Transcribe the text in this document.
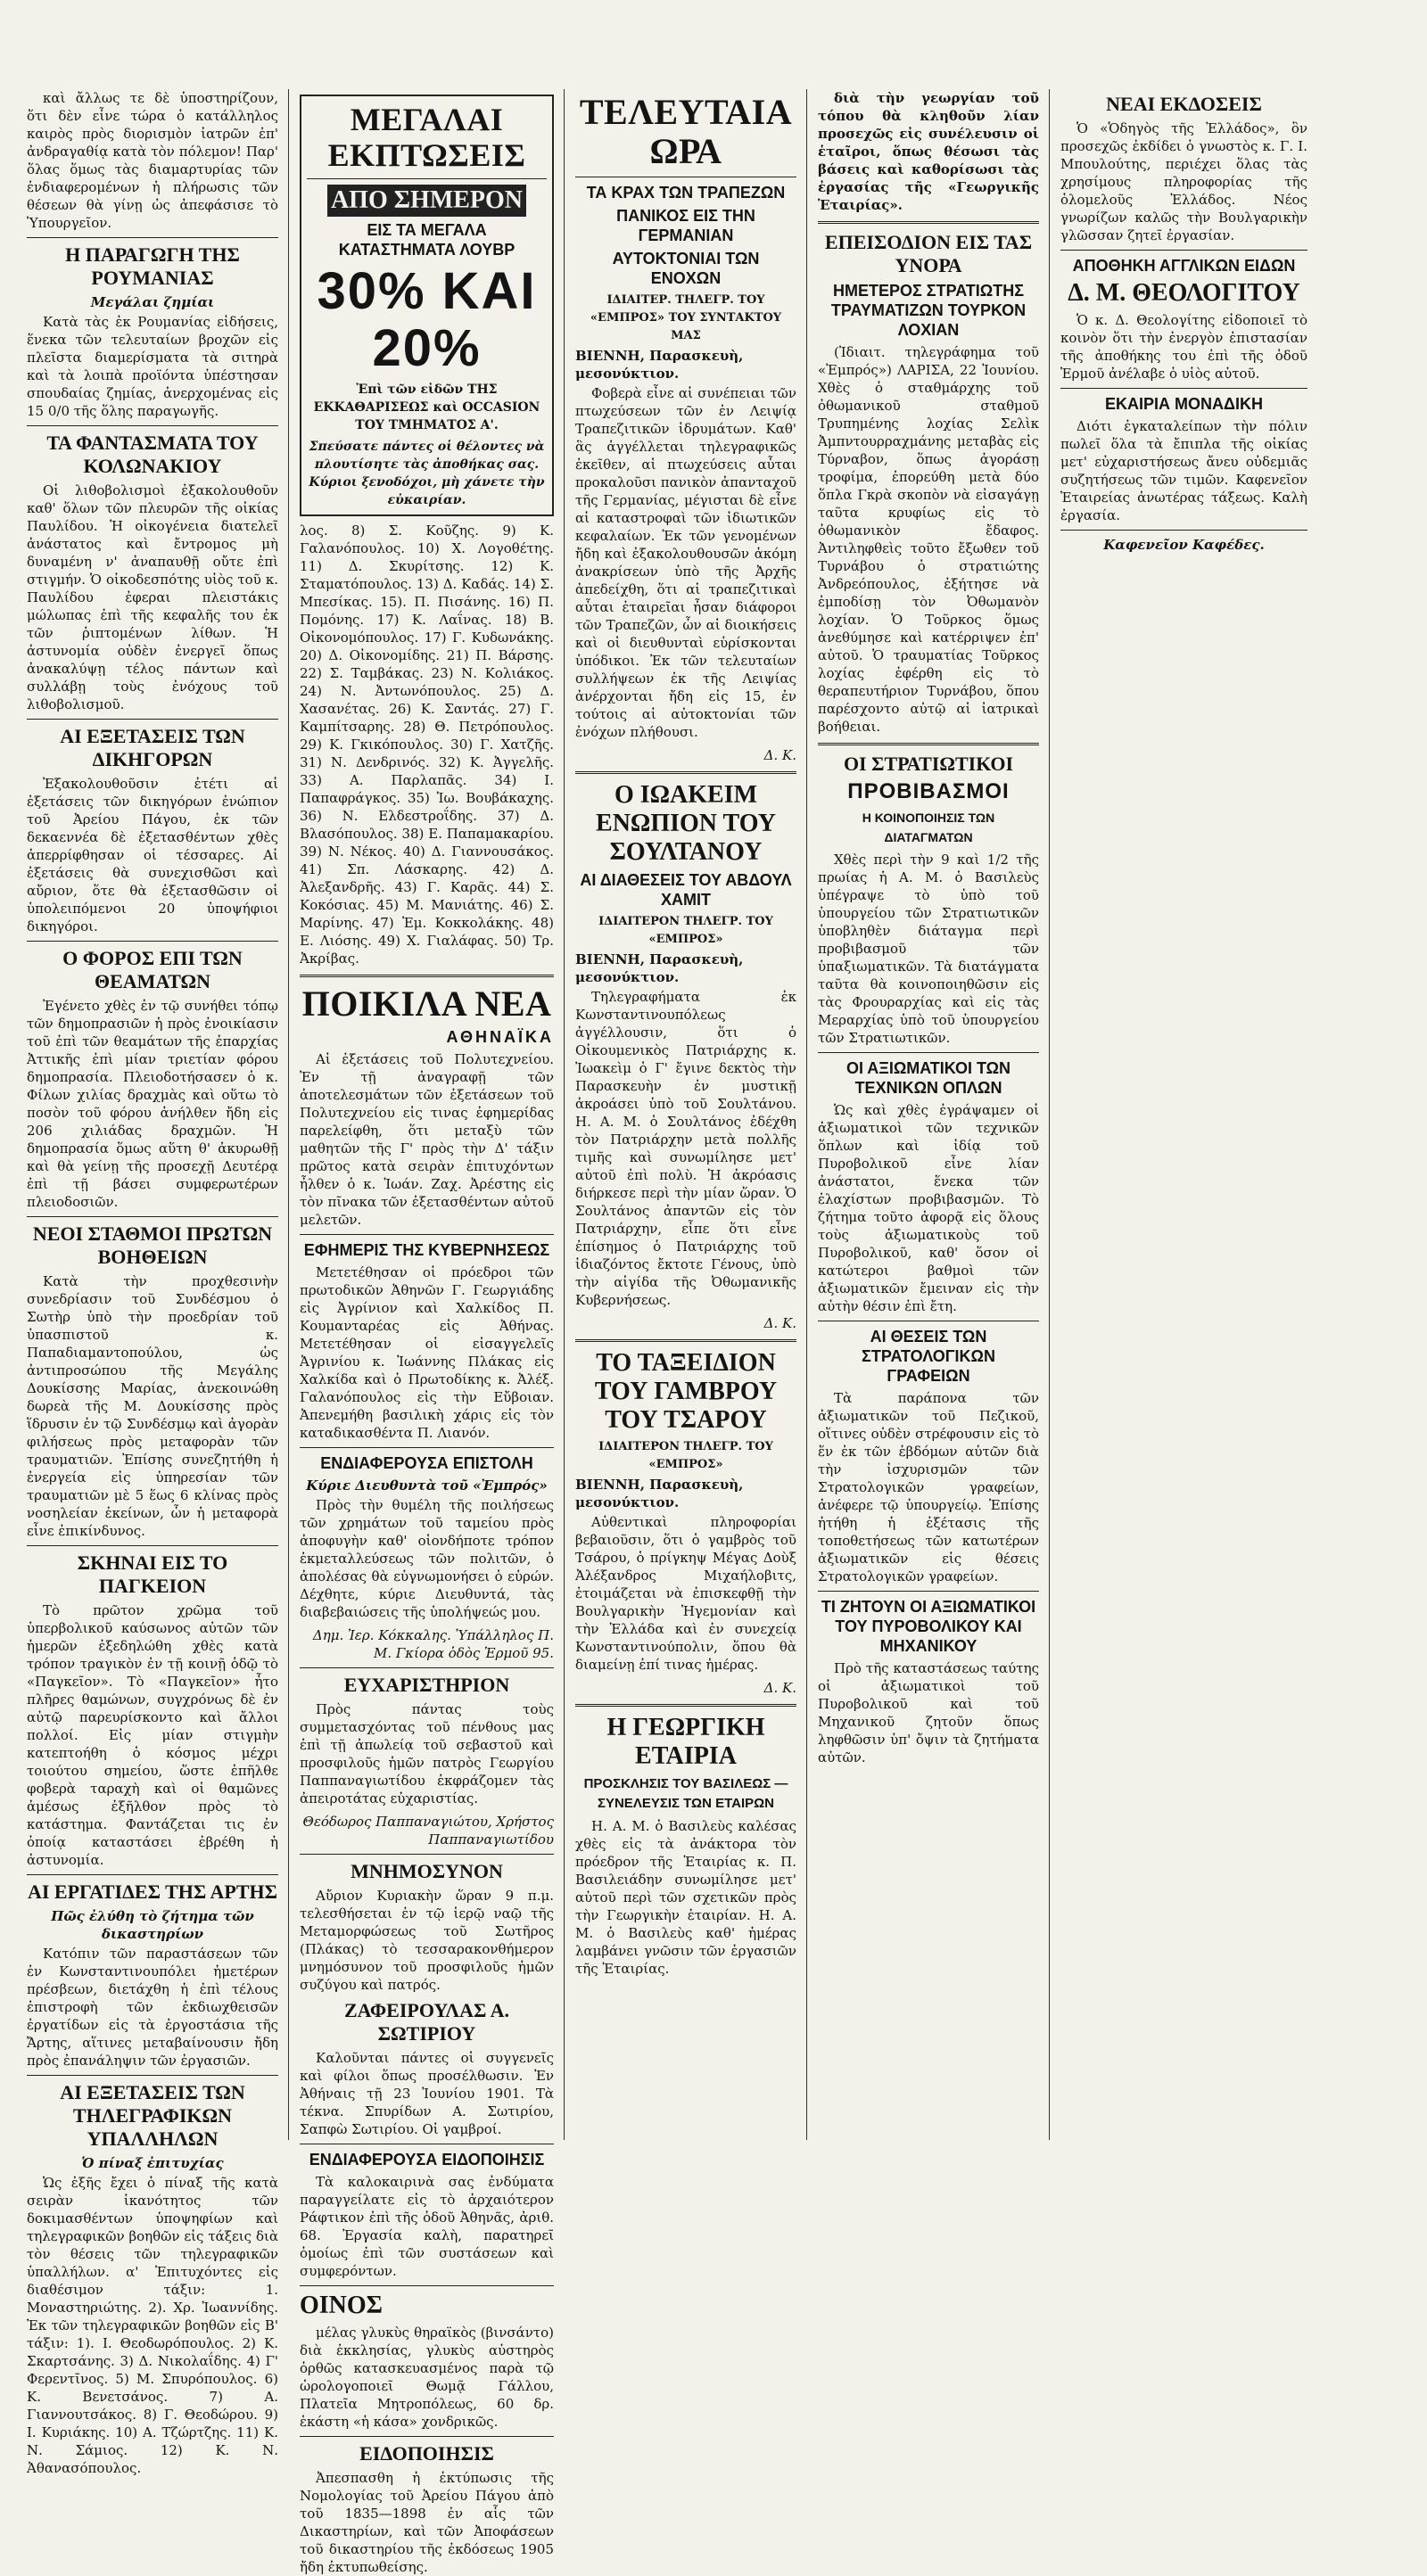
καὶ ἄλλως τε δὲ ὑποστηρίζουν, ὅτι δὲν εἶνε τώρα ὁ κατάλληλος καιρὸς πρὸς διορισμὸν ἰατρῶν ἐπ' ἀνδραγαθίᾳ κατὰ τὸν πόλεμον! Παρ' ὅλας ὅμως τὰς διαμαρτυρίας τῶν ἐνδιαφερομένων ἡ πλήρωσις τῶν θέσεων θὰ γίνῃ ὡς ἀπεφάσισε τὸ Ὑπουργεῖον.

Η ΠΑΡΑΓΩΓΗ ΤΗΣ ΡΟΥΜΑΝΙΑΣ
Μεγάλαι ζημίαι

Κατὰ τὰς ἐκ Ρουμανίας εἰδήσεις, ἕνεκα τῶν τελευταίων βροχῶν εἰς πλεῖστα διαμερίσματα τὰ σιτηρὰ καὶ τὰ λοιπὰ προϊόντα ὑπέστησαν σπουδαίας ζημίας, ἀνερχομένας εἰς 15 0/0 τῆς ὅλης παραγωγῆς.

ΤΑ ΦΑΝΤΑΣΜΑΤΑ ΤΟΥ ΚΟΛΩΝΑΚΙΟΥ

Οἱ λιθοβολισμοὶ ἐξακολουθοῦν καθ' ὅλων τῶν πλευρῶν τῆς οἰκίας Παυλίδου. Ἡ οἰκογένεια διατελεῖ ἀνάστατος καὶ ἔντρομος μὴ δυναμένη ν' ἀναπαυθῇ οὔτε ἐπὶ στιγμήν. Ὁ οἰκοδεσπότης υἱὸς τοῦ κ. Παυλίδου ἐφεραι πλειστάκις μώλωπας ἐπὶ τῆς κεφαλῆς του ἐκ τῶν ῥιπτομένων λίθων. Ἡ ἀστυνομία οὐδὲν ἐνεργεῖ ὅπως ἀνακαλύψῃ τέλος πάντων καὶ συλλάβῃ τοὺς ἐνόχους τοῦ λιθοβολισμοῦ.

ΑΙ ΕΞΕΤΑΣΕΙΣ ΤΩΝ ΔΙΚΗΓΟΡΩΝ

Ἐξακολουθοῦσιν ἐτέτι αἱ ἐξετάσεις τῶν δικηγόρων ἐνώπιον τοῦ Ἀρείου Πάγου, ἐκ τῶν δεκαεννέα δὲ ἐξετασθέντων χθὲς ἀπερρίφθησαν οἱ τέσσαρες. Αἱ ἐξετάσεις θὰ συνεχισθῶσι καὶ αὔριον, ὅτε θὰ ἐξετασθῶσιν οἱ ὑπολειπόμενοι 20 ὑποψήφιοι δικηγόροι.

Ο ΦΟΡΟΣ ΕΠΙ ΤΩΝ ΘΕΑΜΑΤΩΝ

Ἐγένετο χθὲς ἐν τῷ συνήθει τόπῳ τῶν δημοπρασιῶν ἡ πρὸς ἐνοικίασιν τοῦ ἐπὶ τῶν θεαμάτων τῆς ἐπαρχίας Ἀττικῆς ἐπὶ μίαν τριετίαν φόρου δημοπρασία. Πλειοδοτήσασεν ὁ κ. Φίλων χιλίας δραχμὰς καὶ οὕτω τὸ ποσὸν τοῦ φόρου ἀνήλθεν ἤδη εἰς 206 χιλιάδας δραχμῶν. Ἡ δημοπρασία ὅμως αὕτη θ' ἀκυρωθῇ καὶ θὰ γείνῃ τῆς προσεχῇ Δευτέρᾳ ἐπὶ τῇ βάσει συμφερωτέρων πλειοδοσιῶν.

ΝΕΟΙ ΣΤΑΘΜΟΙ ΠΡΩΤΩΝ ΒΟΗΘΕΙΩΝ

Κατὰ τὴν προχθεσινὴν συνεδρίασιν τοῦ Συνδέσμου ὁ Σωτὴρ ὑπὸ τὴν προεδρίαν τοῦ ὑπασπιστοῦ κ. Παπαδιαμαντοπούλου, ὡς ἀντιπροσώπου τῆς Μεγάλης Δουκίσσης Μαρίας, ἀνεκοινώθη δωρεὰ τῆς Μ. Δουκίσσης πρὸς ἵδρυσιν ἐν τῷ Συνδέσμῳ καὶ ἀγορὰν φιλήσεως πρὸς μεταφορὰν τῶν τραυματιῶν. Ἐπίσης συνεζητήθη ἡ ἐνεργεία εἰς ὑπηρεσίαν τῶν τραυματιῶν μὲ 5 ἕως 6 κλίνας πρὸς νοσηλείαν ἐκείνων, ὧν ἡ μεταφορὰ εἶνε ἐπικίνδυνος.

ΣΚΗΝΑΙ ΕΙΣ ΤΟ ΠΑΓΚΕΙΟΝ

Τὸ πρῶτον χρῶμα τοῦ ὑπερβολικοῦ καύσωνος αὐτῶν τῶν ἡμερῶν ἐξεδηλώθη χθὲς κατὰ τρόπον τραγικὸν ἐν τῇ κοινῇ ὁδῷ τὸ «Παγκεῖον». Τὸ «Παγκεῖον» ἦτο πλῆρες θαμώνων, συγχρόνως δὲ ἐν αὐτῷ παρευρίσκοντο καὶ ἄλλοι πολλοί. Εἰς μίαν στιγμὴν κατεπτοήθη ὁ κόσμος μέχρι τοιούτου σημείου, ὥστε ἐπῆλθε φοβερὰ ταραχὴ καὶ οἱ θαμῶνες ἀμέσως ἐξῆλθον πρὸς τὸ κατάστημα. Φαντάζεται τις ἐν ὁποίᾳ καταστάσει ἐβρέθη ἡ ἀστυνομία.

ΑΙ ΕΡΓΑΤΙΔΕΣ ΤΗΣ ΑΡΤΗΣ
Πῶς ἐλύθη τὸ ζήτημα τῶν δικαστηρίων

Κατόπιν τῶν παραστάσεων τῶν ἐν Κωνσταντινουπόλει ἡμετέρων πρέσβεων, διετάχθη ἡ ἐπὶ τέλους ἐπιστροφὴ τῶν ἐκδιωχθεισῶν ἐργατίδων εἰς τὰ ἐργοστάσια τῆς Ἄρτης, αἵτινες μεταβαίνουσιν ἤδη πρὸς ἐπανάληψιν τῶν ἐργασιῶν.

ΑΙ ΕΞΕΤΑΣΕΙΣ ΤΩΝ ΤΗΛΕΓΡΑΦΙΚΩΝ ΥΠΑΛΛΗΛΩΝ
Ὁ πίναξ ἐπιτυχίας

Ὡς ἐξῆς ἔχει ὁ πίναξ τῆς κατὰ σειρὰν ἱκανότητος τῶν δοκιμασθέντων ὑποψηφίων καὶ τηλεγραφικῶν βοηθῶν εἰς τάξεις διὰ τὸν θέσεις τῶν τηλεγραφικῶν ὑπαλλήλων. α' Ἐπιτυχόντες εἰς διαθέσιμον τάξιν: 1. Μοναστηριώτης. 2). Χρ. Ἰωαννίδης. Ἐκ τῶν τηλεγραφικῶν βοηθῶν εἰς Β' τάξιν: 1). Ι. Θεοδωρόπουλος. 2) Κ. Σκαρτσάνης. 3) Δ. Νικολαΐδης. 4) Γ' Φερεντῖνος. 5) Μ. Σπυρόπουλος. 6) Κ. Βενετσάνος. 7) Α. Γιαννουτσάκος. 8) Γ. Θεοδώρου. 9) Ι. Κυριάκης. 10) Α. Τζώρτζης. 11) Κ. Ν. Σάμιος. 12) Κ. Ν. Ἀθανασόπουλος.

ΜΕΓΑΛΑΙ ΕΚΠΤΩΣΕΙΣ
ΑΠΟ ΣΗΜΕΡΟΝ
ΕΙΣ ΤΑ ΜΕΓΑΛΑ ΚΑΤΑΣΤΗΜΑΤΑ ΛΟΥΒΡ
30% ΚΑΙ 20%
Ἐπὶ τῶν εἰδῶν ΤΗΣ ΕΚΚΑΘΑΡΙΣΕΩΣ καὶ OCCASION TOY ΤΜΗΜΑΤΟΣ Α'.
Σπεύσατε πάντες οἱ θέλοντες νὰ πλουτίσητε τὰς ἀποθήκας σας. Κύριοι ξενοδόχοι, μὴ χάνετε τὴν εὐκαιρίαν.

λος. 8) Σ. Κοῦζης. 9) Κ. Γαλανόπουλος. 10) Χ. Λογοθέτης. 11) Δ. Σκυρίτσης. 12) Κ. Σταματόπουλος. 13) Δ. Καδάς. 14) Σ. Μπεσίκας. 15). Π. Πισάνης. 16) Π. Πομόνης. 17) Κ. Λαΐνας. 18) Β. Οἰκονομόπουλος. 17) Γ. Κυδωνάκης. 20) Δ. Οἰκονομίδης. 21) Π. Βάρσης. 22) Σ. Ταμβάκας. 23) Ν. Κολιάκος. 24) Ν. Ἀντωνόπουλος. 25) Δ. Χασανέτας. 26) Κ. Σαντάς. 27) Γ. Καμπίτσαρης. 28) Θ. Πετρόπουλος. 29) Κ. Γκικόπουλος. 30) Γ. Χατζῆς. 31) Ν. Δενδρινός. 32) Κ. Ἀγγελῆς. 33) Α. Παρλαπᾶς. 34) Ι. Παπαφράγκος. 35) Ἰω. Βουβάκαχης. 36) Ν. Ελδεστροΐδης. 37) Δ. Βλασόπουλος. 38) Ε. Παπαμακαρίου. 39) Ν. Νέκος. 40) Δ. Γιαννουσάκος. 41) Σπ. Λάσκαρης. 42) Δ. Ἀλεξανδρῆς. 43) Γ. Καρᾶς. 44) Σ. Κοκόσιας. 45) Μ. Μανιάτης. 46) Σ. Μαρίνης. 47) Ἐμ. Κοκκολάκης. 48) Ε. Λιόσης. 49) Χ. Γιαλάφας. 50) Τρ. Ἀκρίβας.

ΠΟΙΚΙΛΑ ΝΕΑ
ΑΘΗΝΑΪΚΑ

Αἱ ἐξετάσεις τοῦ Πολυτεχνείου. Ἐν τῇ ἀναγραφῇ τῶν ἀποτελεσμάτων τῶν ἐξετάσεων τοῦ Πολυτεχνείου εἰς τινας ἐφημερίδας παρελείφθη, ὅτι μεταξὺ τῶν μαθητῶν τῆς Γ' πρὸς τὴν Δ' τάξιν πρῶτος κατὰ σειρὰν ἐπιτυχόντων ἦλθεν ὁ κ. Ἰωάν. Ζαχ. Ἀρέστης εἰς τὸν πῖνακα τῶν ἐξετασθέντων αὐτοῦ μελετῶν.

ΕΦΗΜΕΡΙΣ ΤΗΣ ΚΥΒΕΡΝΗΣΕΩΣ

Μετετέθησαν οἱ πρόεδροι τῶν πρωτοδικῶν Ἀθηνῶν Γ. Γεωργιάδης εἰς Ἀγρίνιον καὶ Χαλκίδος Π. Κουμανταρέας εἰς Ἀθήνας. Μετετέθησαν οἱ εἰσαγγελεῖς Ἀγρινίου κ. Ἰωάννης Πλάκας εἰς Χαλκίδα καὶ ὁ Πρωτοδίκης κ. Ἀλέξ. Γαλανόπουλος εἰς τὴν Εὔβοιαν. Ἀπενεμήθη βασιλικὴ χάρις εἰς τὸν καταδικασθέντα Π. Λιανόν.

ΕΝΔΙΑΦΕΡΟΥΣΑ ΕΠΙΣΤΟΛΗ
Κύριε Διευθυντὰ τοῦ «Ἐμπρός»

Πρὸς τὴν θυμέλη τῆς ποιλήσεως τῶν χρημάτων τοῦ ταμείου πρὸς ἀποφυγὴν καθ' οἱονδήποτε τρόπον ἐκμεταλλεύσεως τῶν πολιτῶν, ὁ ἀπολέσας θὰ εὐγνωμονήσει ὁ εὑρών. Δέχθητε, κύριε Διευθυντά, τὰς διαβεβαιώσεις τῆς ὑπολήψεώς μου.

Δημ. Ἰερ. Κόκκαλης. Ὑπάλληλος Π. Μ. Γκίορα ὁδὸς Ἑρμοῦ 95.
ΕΥΧΑΡΙΣΤΗΡΙΟΝ

Πρὸς πάντας τοὺς συμμετασχόντας τοῦ πένθους μας ἐπὶ τῇ ἀπωλείᾳ τοῦ σεβαστοῦ καὶ προσφιλοῦς ἡμῶν πατρὸς Γεωργίου Παππαναγιωτίδου ἐκφράζομεν τὰς ἀπειροτάτας εὐχαριστίας.

Θεόδωρος Παππαναγιώτου, Χρήστος Παππαναγιωτίδου
ΜΝΗΜΟΣΥΝΟΝ

Αὔριον Κυριακὴν ὥραν 9 π.μ. τελεσθήσεται ἐν τῷ ἱερῷ ναῷ τῆς Μεταμορφώσεως τοῦ Σωτῆρος (Πλάκας) τὸ τεσσαρακονθήμερον μνημόσυνον τοῦ προσφιλοῦς ἡμῶν συζύγου καὶ πατρός.

ΖΑΦΕΙΡΟΥΛΑΣ Α. ΣΩΤΙΡΙΟΥ

Καλοῦνται πάντες οἱ συγγενεῖς καὶ φίλοι ὅπως προσέλθωσιν. Ἐν Ἀθήναις τῇ 23 Ἰουνίου 1901. Τὰ τέκνα. Σπυρίδων Α. Σωτιρίου, Σαπφὼ Σωτιρίου. Οἱ γαμβροί.

ΕΝΔΙΑΦΕΡΟΥΣΑ ΕΙΔΟΠΟΙΗΣΙΣ

Τὰ καλοκαιρινὰ σας ἐνδύματα παραγγείλατε εἰς τὸ ἀρχαιότερον Ράφτικον ἐπὶ τῆς ὁδοῦ Ἀθηνᾶς, ἀριθ. 68. Ἐργασία καλὴ, παρατηρεῖ ὁμοίως ἐπὶ τῶν συστάσεων καὶ συμφερόντων.

ΟΙΝΟΣ

μέλας γλυκὺς θηραϊκὸς (βινσάντο) διὰ ἐκκλησίας, γλυκὺς αὐστηρὸς ὀρθῶς κατασκευασμένος παρὰ τῷ ὡρολογοποιεῖ Θωμᾷ Γάλλου, Πλατεῖα Μητροπόλεως, 60 δρ. ἑκάστη «ἡ κάσα» χονδρικῶς.

ΕΙΔΟΠΟΙΗΣΙΣ

Ἀπεσπασθη ἡ ἐκτύπωσις τῆς Νομολογίας τοῦ Ἀρείου Πάγου ἀπὸ τοῦ 1835—1898 ἐν αἷς τῶν Δικαστηρίων, καὶ τῶν Ἀποφάσεων τοῦ δικαστηρίου τῆς ἐκδόσεως 1905 ἤδη ἐκτυπωθείσης.

ΤΕΛΕΥΤΑΙΑ ΩΡΑ
ΤΑ ΚΡΑΧ ΤΩΝ ΤΡΑΠΕΖΩΝ
ΠΑΝΙΚΟΣ ΕΙΣ ΤΗΝ ΓΕΡΜΑΝΙΑΝ
ΑΥΤΟΚΤΟΝΙΑΙ ΤΩΝ ΕΝΟΧΩΝ
ΙΔΙΑΙΤΕΡ. ΤΗΛΕΓΡ. ΤΟΥ «ΕΜΠΡΟΣ» ΤΟΥ ΣΥΝΤΑΚΤΟΥ ΜΑΣ
ΒΙΕΝΝΗ, Παρασκευὴ, μεσονύκτιον.

Φοβερὰ εἶνε αἱ συνέπειαι τῶν πτωχεύσεων τῶν ἐν Λειψίᾳ Τραπεζιτικῶν ἱδρυμάτων. Καθ' ἃς ἀγγέλλεται τηλεγραφικῶς ἐκεῖθεν, αἱ πτωχεύσεις αὗται προκαλοῦσι πανικὸν ἀπανταχοῦ τῆς Γερμανίας, μέγισται δὲ εἶνε αἱ καταστροφαὶ τῶν ἰδιωτικῶν κεφαλαίων. Ἐκ τῶν γενομένων ἤδη καὶ ἐξακολουθουσῶν ἀκόμη ἀνακρίσεων ὑπὸ τῆς Ἀρχῆς ἀπεδείχθη, ὅτι αἱ τραπεζιτικαὶ αὗται ἑταιρεῖαι ἦσαν διάφοροι τῶν Τραπεζῶν, ὧν αἱ διοικήσεις καὶ οἱ διευθυνταὶ εὑρίσκονται ὑπόδικοι. Ἐκ τῶν τελευταίων συλλήψεων ἐκ τῆς Λειψίας ἀνέρχονται ἤδη εἰς 15, ἐν τούτοις αἱ αὐτοκτονίαι τῶν ἐνόχων πλήθουσι.

Δ. Κ.
Ο ΙΩΑΚΕΙΜ ΕΝΩΠΙΟΝ ΤΟΥ ΣΟΥΛΤΑΝΟΥ
ΑΙ ΔΙΑΘΕΣΕΙΣ ΤΟΥ ΑΒΔΟΥΛ ΧΑΜΙΤ
ΙΔΙΑΙΤΕΡΟΝ ΤΗΛΕΓΡ. ΤΟΥ «ΕΜΠΡΟΣ»
ΒΙΕΝΝΗ, Παρασκευὴ, μεσονύκτιον.

Τηλεγραφήματα ἐκ Κωνσταντινουπόλεως ἀγγέλλουσιν, ὅτι ὁ Οἰκουμενικὸς Πατριάρχης κ. Ἰωακεὶμ ὁ Γ' ἔγινε δεκτὸς τὴν Παρασκευὴν ἐν μυστικῇ ἀκροάσει ὑπὸ τοῦ Σουλτάνου. Η. Α. Μ. ὁ Σουλτάνος ἐδέχθη τὸν Πατριάρχην μετὰ πολλῆς τιμῆς καὶ συνωμίλησε μετ' αὐτοῦ ἐπὶ πολὺ. Ἡ ἀκρόασις διήρκεσε περὶ τὴν μίαν ὥραν. Ὁ Σουλτάνος ἀπαντῶν εἰς τὸν Πατριάρχην, εἶπε ὅτι εἶνε ἐπίσημος ὁ Πατριάρχης τοῦ ἱδιαζόντος ἔκτοτε Γένους, ὑπὸ τὴν αἰγίδα τῆς Ὀθωμανικῆς Κυβερνήσεως.

Δ. Κ.
ΤΟ ΤΑΞΕΙΔΙΟΝ ΤΟΥ ΓΑΜΒΡΟΥ ΤΟΥ ΤΣΑΡΟΥ
ΙΔΙΑΙΤΕΡΟΝ ΤΗΛΕΓΡ. ΤΟΥ «ΕΜΠΡΟΣ»
ΒΙΕΝΝΗ, Παρασκευὴ, μεσονύκτιον.

Αὐθεντικαὶ πληροφορίαι βεβαιοῦσιν, ὅτι ὁ γαμβρὸς τοῦ Τσάρου, ὁ πρίγκηψ Μέγας Δοὺξ Ἀλέξανδρος Μιχαήλοβιτς, ἐτοιμάζεται νὰ ἐπισκεφθῇ τὴν Βουλγαρικὴν Ἡγεμονίαν καὶ τὴν Ἑλλάδα καὶ ἐν συνεχείᾳ Κωνσταντινούπολιν, ὅπου θὰ διαμείνῃ ἐπί τινας ἡμέρας.

Δ. Κ.
Η ΓΕΩΡΓΙΚΗ ΕΤΑΙΡΙΑ
ΠΡΟΣΚΛΗΣΙΣ ΤΟΥ ΒΑΣΙΛΕΩΣ — ΣΥΝΕΛΕΥΣΙΣ ΤΩΝ ΕΤΑΙΡΩΝ

Η. Α. Μ. ὁ Βασιλεὺς καλέσας χθὲς εἰς τὰ ἀνάκτορα τὸν πρόεδρον τῆς Ἑταιρίας κ. Π. Βασιλειάδην συνωμίλησε μετ' αὐτοῦ περὶ τῶν σχετικῶν πρὸς τὴν Γεωργικὴν ἑταιρίαν. Η. Α. Μ. ὁ Βασιλεὺς καθ' ἡμέρας λαμβάνει γνῶσιν τῶν ἐργασιῶν τῆς Ἑταιρίας.

διὰ τὴν γεωργίαν τοῦ τόπου θὰ κληθοῦν λίαν προσεχῶς εἰς συνέλευσιν οἱ ἑταῖροι, ὅπως θέσωσι τὰς βάσεις καὶ καθορίσωσι τὰς ἐργασίας τῆς «Γεωργικῆς Ἑταιρίας».

ΕΠΕΙΣΟΔΙΟΝ ΕΙΣ ΤΑΣ ΥΝΟΡΑ
ΗΜΕΤΕΡΟΣ ΣΤΡΑΤΙΩΤΗΣ ΤΡΑΥΜΑΤΙΖΩΝ ΤΟΥΡΚΟΝ ΛΟΧΙΑΝ

(Ἰδιαιτ. τηλεγράφημα τοῦ «Ἐμπρός») ΛΑΡΙΣΑ, 22 Ἰουνίου. Χθὲς ὁ σταθμάρχης τοῦ ὀθωμανικοῦ σταθμοῦ Τρυπημένης λοχίας Σελὶκ Ἀμπντουρραχμάνης μεταβὰς εἰς Τύρναβον, ὅπως ἀγοράσῃ τροφίμα, ἐπορεύθη μετὰ δύο ὅπλα Γκρὰ σκοπὸν νὰ εἰσαγάγῃ ταῦτα κρυφίως εἰς τὸ ὀθωμανικὸν ἔδαφος. Ἀντιληφθεὶς τοῦτο ἔξωθεν τοῦ Τυρνάβου ὁ στρατιώτης Ἀνδρεόπουλος, ἐξήτησε νὰ ἐμποδίσῃ τὸν Ὀθωμανὸν λοχίαν. Ὁ Τοῦρκος ὅμως ἀνεθύμησε καὶ κατέρριψεν ἐπ' αὐτοῦ. Ὁ τραυματίας Τοῦρκος λοχίας ἐφέρθη εἰς τὸ θεραπευτήριον Τυρνάβου, ὅπου παρέσχοντο αὐτῷ αἱ ἰατρικαὶ βοήθειαι.

ΟΙ ΣΤΡΑΤΙΩΤΙΚΟΙ
ΠΡΟΒΙΒΑΣΜΟΙ
Η ΚΟΙΝΟΠΟΙΗΣΙΣ ΤΩΝ ΔΙΑΤΑΓΜΑΤΩΝ

Χθὲς περὶ τὴν 9 καὶ 1/2 τῆς πρωίας ἡ Α. Μ. ὁ Βασιλεὺς ὑπέγραψε τὸ ὑπὸ τοῦ ὑπουργείου τῶν Στρατιωτικῶν ὑποβληθὲν διάταγμα περὶ προβιβασμοῦ τῶν ὑπαξιωματικῶν. Τὰ διατάγματα ταῦτα θὰ κοινοποιηθῶσιν εἰς τὰς Φρουραρχίας καὶ εἰς τὰς Μεραρχίας ὑπὸ τοῦ ὑπουργείου τῶν Στρατιωτικῶν.

ΟΙ ΑΞΙΩΜΑΤΙΚΟΙ ΤΩΝ ΤΕΧΝΙΚΩΝ ΟΠΛΩΝ

Ὡς καὶ χθὲς ἐγράψαμεν οἱ ἀξιωματικοὶ τῶν τεχνικῶν ὅπλων καὶ ἰδίᾳ τοῦ Πυροβολικοῦ εἶνε λίαν ἀνάστατοι, ἕνεκα τῶν ἐλαχίστων προβιβασμῶν. Τὸ ζήτημα τοῦτο ἀφορᾷ εἰς ὅλους τοὺς ἀξιωματικοὺς τοῦ Πυροβολικοῦ, καθ' ὅσον οἱ κατώτεροι βαθμοὶ τῶν ἀξιωματικῶν ἔμειναν εἰς τὴν αὐτὴν θέσιν ἐπὶ ἔτη.

ΑΙ ΘΕΣΕΙΣ ΤΩΝ ΣΤΡΑΤΟΛΟΓΙΚΩΝ ΓΡΑΦΕΙΩΝ

Τὰ παράπονα τῶν ἀξιωματικῶν τοῦ Πεζικοῦ, οἵτινες οὐδὲν στρέφουσιν εἰς τὸ ἕν ἐκ τῶν ἑβδόμων αὐτῶν διὰ τὴν ἰσχυρισμῶν τῶν Στρατολογικῶν γραφείων, ἀνέφερε τῷ ὑπουργείῳ. Ἐπίσης ἠτήθη ἡ ἐξέτασις τῆς τοποθετήσεως τῶν κατωτέρων ἀξιωματικῶν εἰς θέσεις Στρατολογικῶν γραφείων.

ΤΙ ΖΗΤΟΥΝ ΟΙ ΑΞΙΩΜΑΤΙΚΟΙ ΤΟΥ ΠΥΡΟΒΟΛΙΚΟΥ ΚΑΙ ΜΗΧΑΝΙΚΟΥ

Πρὸ τῆς καταστάσεως ταύτης οἱ ἀξιωματικοὶ τοῦ Πυροβολικοῦ καὶ τοῦ Μηχανικοῦ ζητοῦν ὅπως ληφθῶσιν ὑπ' ὄψιν τὰ ζητήματα αὐτῶν.

ΝΕΑΙ ΕΚΔΟΣΕΙΣ

Ὁ «Ὁδηγὸς τῆς Ἑλλάδος», ὃν προσεχῶς ἐκδίδει ὁ γνωστὸς κ. Γ. Ι. Μπουλούτης, περιέχει ὅλας τὰς χρησίμους πληροφορίας τῆς ὁλομελοῦς Ἑλλάδος. Νέος γνωρίζων καλῶς τὴν Βουλγαρικὴν γλῶσσαν ζητεῖ ἐργασίαν.

ΑΠΟΘΗΚΗ ΑΓΓΛΙΚΩΝ ΕΙΔΩΝ
Δ. Μ. ΘΕΟΛΟΓΙΤΟΥ

Ὁ κ. Δ. Θεολογίτης εἰδοποιεῖ τὸ κοινὸν ὅτι τὴν ἐνεργὸν ἐπιστασίαν τῆς ἀποθήκης του ἐπὶ τῆς ὁδοῦ Ἑρμοῦ ἀνέλαβε ὁ υἱὸς αὐτοῦ.

ΕΚΑΙΡΙΑ ΜΟΝΑΔΙΚΗ

Διότι ἐγκαταλείπων τὴν πόλιν πωλεῖ ὅλα τὰ ἔπιπλα τῆς οἰκίας μετ' εὐχαριστήσεως ἄνευ οὐδεμιᾶς συζητήσεως τῶν τιμῶν. Καφενεῖον Ἑταιρείας ἀνωτέρας τάξεως. Καλὴ ἐργασία.

Καφενεῖον Καφέδες.
